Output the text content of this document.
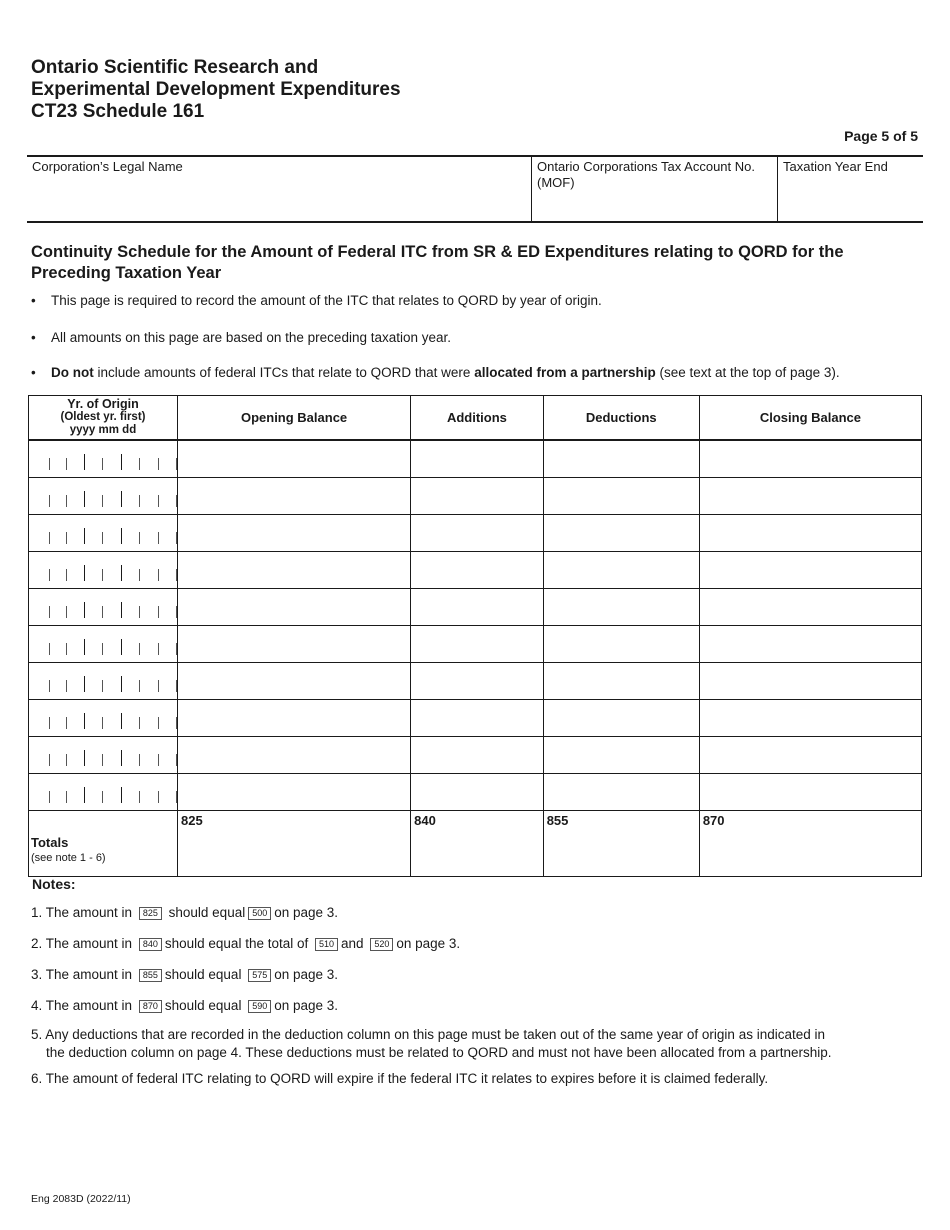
Ontario Scientific Research and
Experimental Development Expenditures
CT23 Schedule 161
Page 5 of 5
Corporation’s Legal Name	Ontario Corporations Tax Account No. (MOF)
Taxation Year End
Continuity Schedule for the Amount of Federal ITC from SR & ED Expenditures relating to QORD for the Preceding Taxation Year
• This page is required to record the amount of the ITC that relates to QORD by year of origin.
• All amounts on this page are based on the preceding taxation year.
• Do not include amounts of federal ITCs that relate to QORD that were allocated from a partnership (see text at the top of page 3).
Yr. of Origin
(Oldest yr. first)
yyyy mm dd	Opening Balance	Additions	Deductions	Closing Balance

Totals
(see note 1 - 6)	825	840	855	870
Notes:
1. The amount in 825 should equal 500 on page 3.
2. The amount in 840 should equal the total of 510 and 520 on page 3.
3. The amount in 855 should equal 575 on page 3.
4. The amount in 870 should equal 590 on page 3.
5. Any deductions that are recorded in the deduction column on this page must be taken out of the same year of origin as indicated in
the deduction column on page 4. These deductions must be related to QORD and must not have been allocated from a partnership.
6. The amount of federal ITC relating to QORD will expire if the federal ITC it relates to expires before it is claimed federally.
Eng 2083D (2022/11)
